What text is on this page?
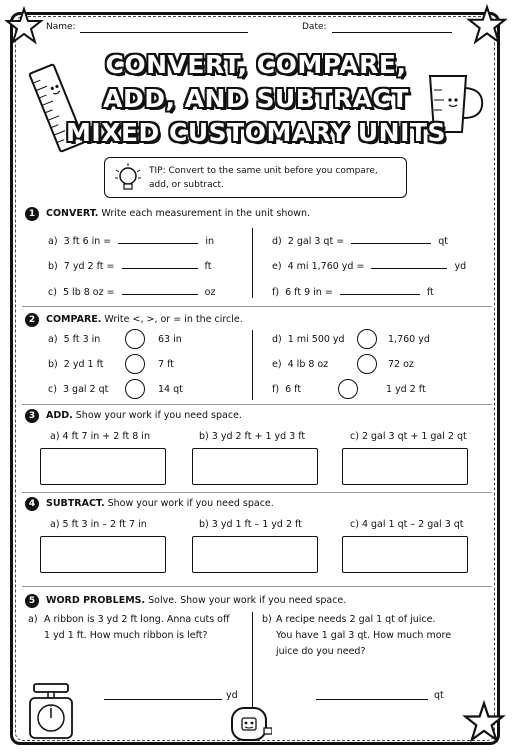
Name:	Date:
CONVERT, COMPARE,
ADD, AND SUBTRACT
MIXED CUSTOMARY UNITS
TIP: Convert to the same unit before you compare, add, or subtract.
1	CONVERT. Write each measurement in the unit shown.
a) 3 ft 6 in =	in
b) 7 yd 2 ft =	ft
c) 5 lb 8 oz =	oz
d) 2 gal 3 qt =	qt
e) 4 mi 1,760 yd =	yd
f) 6 ft 9 in =	ft
2	COMPARE. Write <, >, or = in the circle.
a) 5 ft 3 in	63 in
b) 2 yd 1 ft	7 ft
c) 3 gal 2 qt	14 qt
d) 1 mi 500 yd	1,760 yd
e) 4 lb 8 oz	72 oz
f) 6 ft	1 yd 2 ft
3	ADD. Show your work if you need space.
a) 4 ft 7 in + 2 ft 8 in	b) 3 yd 2 ft + 1 yd 3 ft	c) 2 gal 3 qt + 1 gal 2 qt
4	SUBTRACT. Show your work if you need space.
a) 5 ft 3 in – 2 ft 7 in	b) 3 yd 1 ft – 1 yd 2 ft	c) 4 gal 1 qt – 2 gal 3 qt
5	WORD PROBLEMS. Solve. Show your work if you need space.
a) A ribbon is 3 yd 2 ft long. Anna cuts off
1 yd 1 ft. How much ribbon is left?
yd
b) A recipe needs 2 gal 1 qt of juice.
You have 1 gal 3 qt. How much more
juice do you need?
qt
